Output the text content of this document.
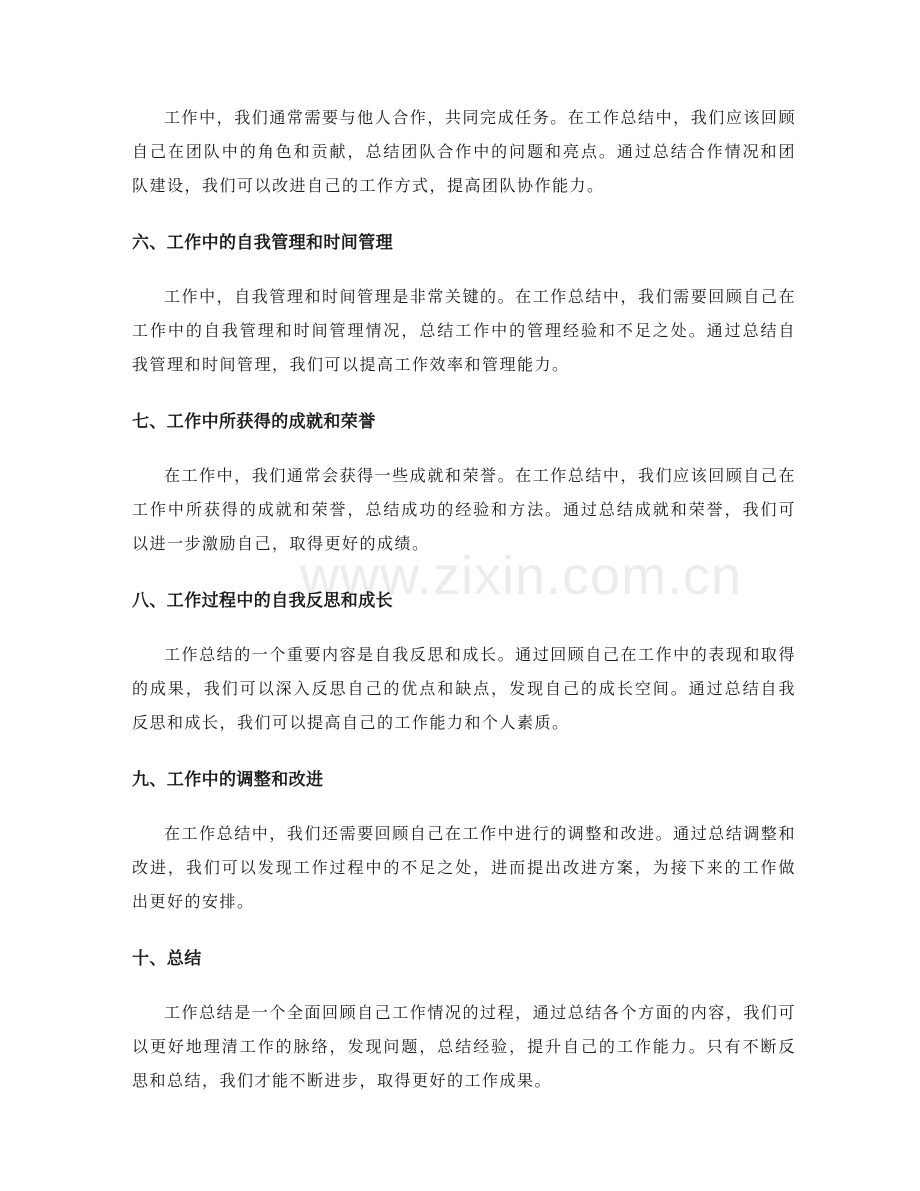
工作中，我们通常需要与他人合作，共同完成任务。在工作总结中，我们应该回顾自己在团队中的角色和贡献，总结团队合作中的问题和亮点。通过总结合作情况和团队建设，我们可以改进自己的工作方式，提高团队协作能力。

六、工作中的自我管理和时间管理

工作中，自我管理和时间管理是非常关键的。在工作总结中，我们需要回顾自己在工作中的自我管理和时间管理情况，总结工作中的管理经验和不足之处。通过总结自我管理和时间管理，我们可以提高工作效率和管理能力。

七、工作中所获得的成就和荣誉

在工作中，我们通常会获得一些成就和荣誉。在工作总结中，我们应该回顾自己在工作中所获得的成就和荣誉，总结成功的经验和方法。通过总结成就和荣誉，我们可以进一步激励自己，取得更好的成绩。

八、工作过程中的自我反思和成长

工作总结的一个重要内容是自我反思和成长。通过回顾自己在工作中的表现和取得的成果，我们可以深入反思自己的优点和缺点，发现自己的成长空间。通过总结自我反思和成长，我们可以提高自己的工作能力和个人素质。

九、工作中的调整和改进

在工作总结中，我们还需要回顾自己在工作中进行的调整和改进。通过总结调整和改进，我们可以发现工作过程中的不足之处，进而提出改进方案，为接下来的工作做出更好的安排。

十、总结

工作总结是一个全面回顾自己工作情况的过程，通过总结各个方面的内容，我们可以更好地理清工作的脉络，发现问题，总结经验，提升自己的工作能力。只有不断反思和总结，我们才能不断进步，取得更好的工作成果。

www.zixin.com.cn
